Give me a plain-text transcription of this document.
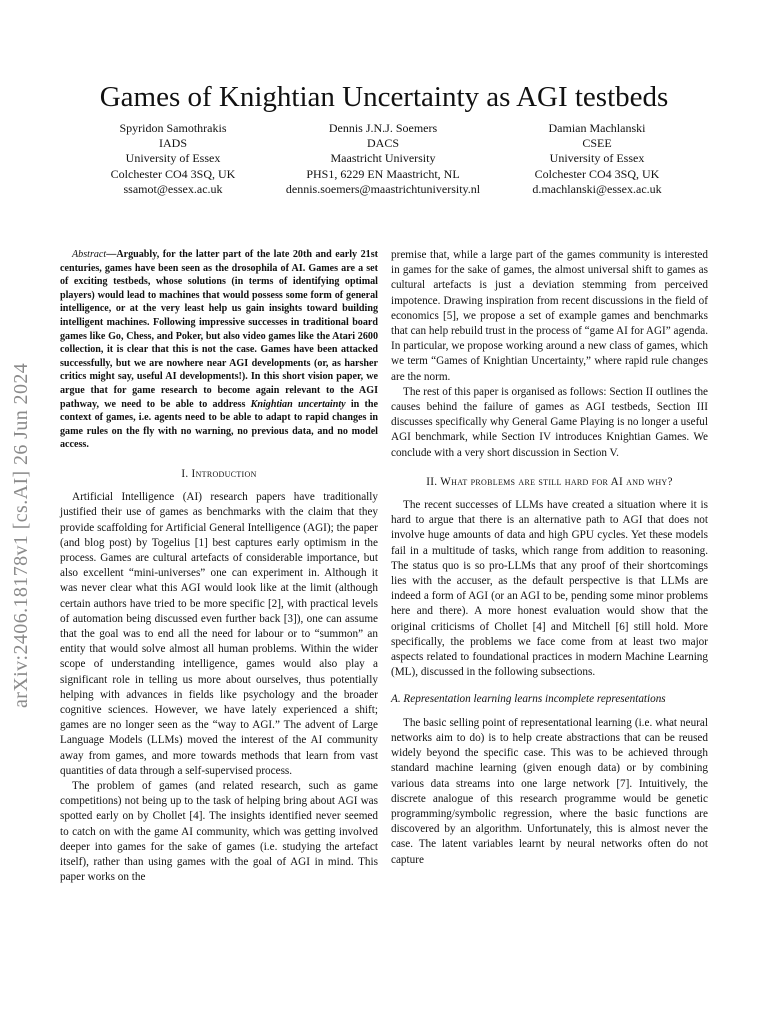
Games of Knightian Uncertainty as AGI testbeds
Spyridon Samothrakis
IADS
University of Essex
Colchester CO4 3SQ, UK
ssamot@essex.ac.uk
Dennis J.N.J. Soemers
DACS
Maastricht University
PHS1, 6229 EN Maastricht, NL
dennis.soemers@maastrichtuniversity.nl
Damian Machlanski
CSEE
University of Essex
Colchester CO4 3SQ, UK
d.machlanski@essex.ac.uk
arXiv:2406.18178v1 [cs.AI] 26 Jun 2024

Abstract—Arguably, for the latter part of the late 20th and early 21st centuries, games have been seen as the drosophila of AI. Games are a set of exciting testbeds, whose solutions (in terms of identifying optimal players) would lead to machines that would possess some form of general intelligence, or at the very least help us gain insights toward building intelligent machines. Following impressive successes in traditional board games like Go, Chess, and Poker, but also video games like the Atari 2600 collection, it is clear that this is not the case. Games have been attacked successfully, but we are nowhere near AGI developments (or, as harsher critics might say, useful AI developments!). In this short vision paper, we argue that for game research to become again relevant to the AGI pathway, we need to be able to address Knightian uncertainty in the context of games, i.e. agents need to be able to adapt to rapid changes in game rules on the fly with no warning, no previous data, and no model access.

I. Introduction

Artificial Intelligence (AI) research papers have traditionally justified their use of games as benchmarks with the claim that they provide scaffolding for Artificial General Intelligence (AGI); the paper (and blog post) by Togelius [1] best captures early optimism in the process. Games are cultural artefacts of considerable importance, but also excellent “mini-universes” one can experiment in. Although it was never clear what this AGI would look like at the limit (although certain authors have tried to be more specific [2], with practical levels of automation being discussed even further back [3]), one can assume that the goal was to end all the need for labour or to “summon” an entity that would solve almost all human problems. Within the wider scope of understanding intelligence, games would also play a significant role in telling us more about ourselves, thus potentially helping with advances in fields like psychology and the broader cognitive sciences. However, we have lately experienced a shift; games are no longer seen as the “way to AGI.” The advent of Large Language Models (LLMs) moved the interest of the AI community away from games, and more towards methods that learn from vast quantities of data through a self-supervised process.

The problem of games (and related research, such as game competitions) not being up to the task of helping bring about AGI was spotted early on by Chollet [4]. The insights identified never seemed to catch on with the game AI community, which was getting involved deeper into games for the sake of games (i.e. studying the artefact itself), rather than using games with the goal of AGI in mind. This paper works on the

premise that, while a large part of the games community is interested in games for the sake of games, the almost universal shift to games as cultural artefacts is just a deviation stemming from perceived impotence. Drawing inspiration from recent discussions in the field of economics [5], we propose a set of example games and benchmarks that can help rebuild trust in the process of “game AI for AGI” agenda. In particular, we propose working around a new class of games, which we term “Games of Knightian Uncertainty,” where rapid rule changes are the norm.

The rest of this paper is organised as follows: Section II outlines the causes behind the failure of games as AGI testbeds, Section III discusses specifically why General Game Playing is no longer a useful AGI benchmark, while Section IV introduces Knightian Games. We conclude with a very short discussion in Section V.

II. What problems are still hard for AI and why?

The recent successes of LLMs have created a situation where it is hard to argue that there is an alternative path to AGI that does not involve huge amounts of data and high GPU cycles. Yet these models fail in a multitude of tasks, which range from addition to reasoning. The status quo is so pro-LLMs that any proof of their shortcomings lies with the accuser, as the default perspective is that LLMs are indeed a form of AGI (or an AGI to be, pending some minor problems here and there). A more honest evaluation would show that the original criticisms of Chollet [4] and Mitchell [6] still hold. More specifically, the problems we face come from at least two major aspects related to foundational practices in modern Machine Learning (ML), discussed in the following subsections.

A. Representation learning learns incomplete representations

The basic selling point of representational learning (i.e. what neural networks aim to do) is to help create abstractions that can be reused widely beyond the specific case. This was to be achieved through standard machine learning (given enough data) or by combining various data streams into one large network [7]. Intuitively, the discrete analogue of this research programme would be genetic programming/symbolic regression, where the basic functions are discovered by an algorithm. Unfortunately, this is almost never the case. The latent variables learnt by neural networks often do not capture
